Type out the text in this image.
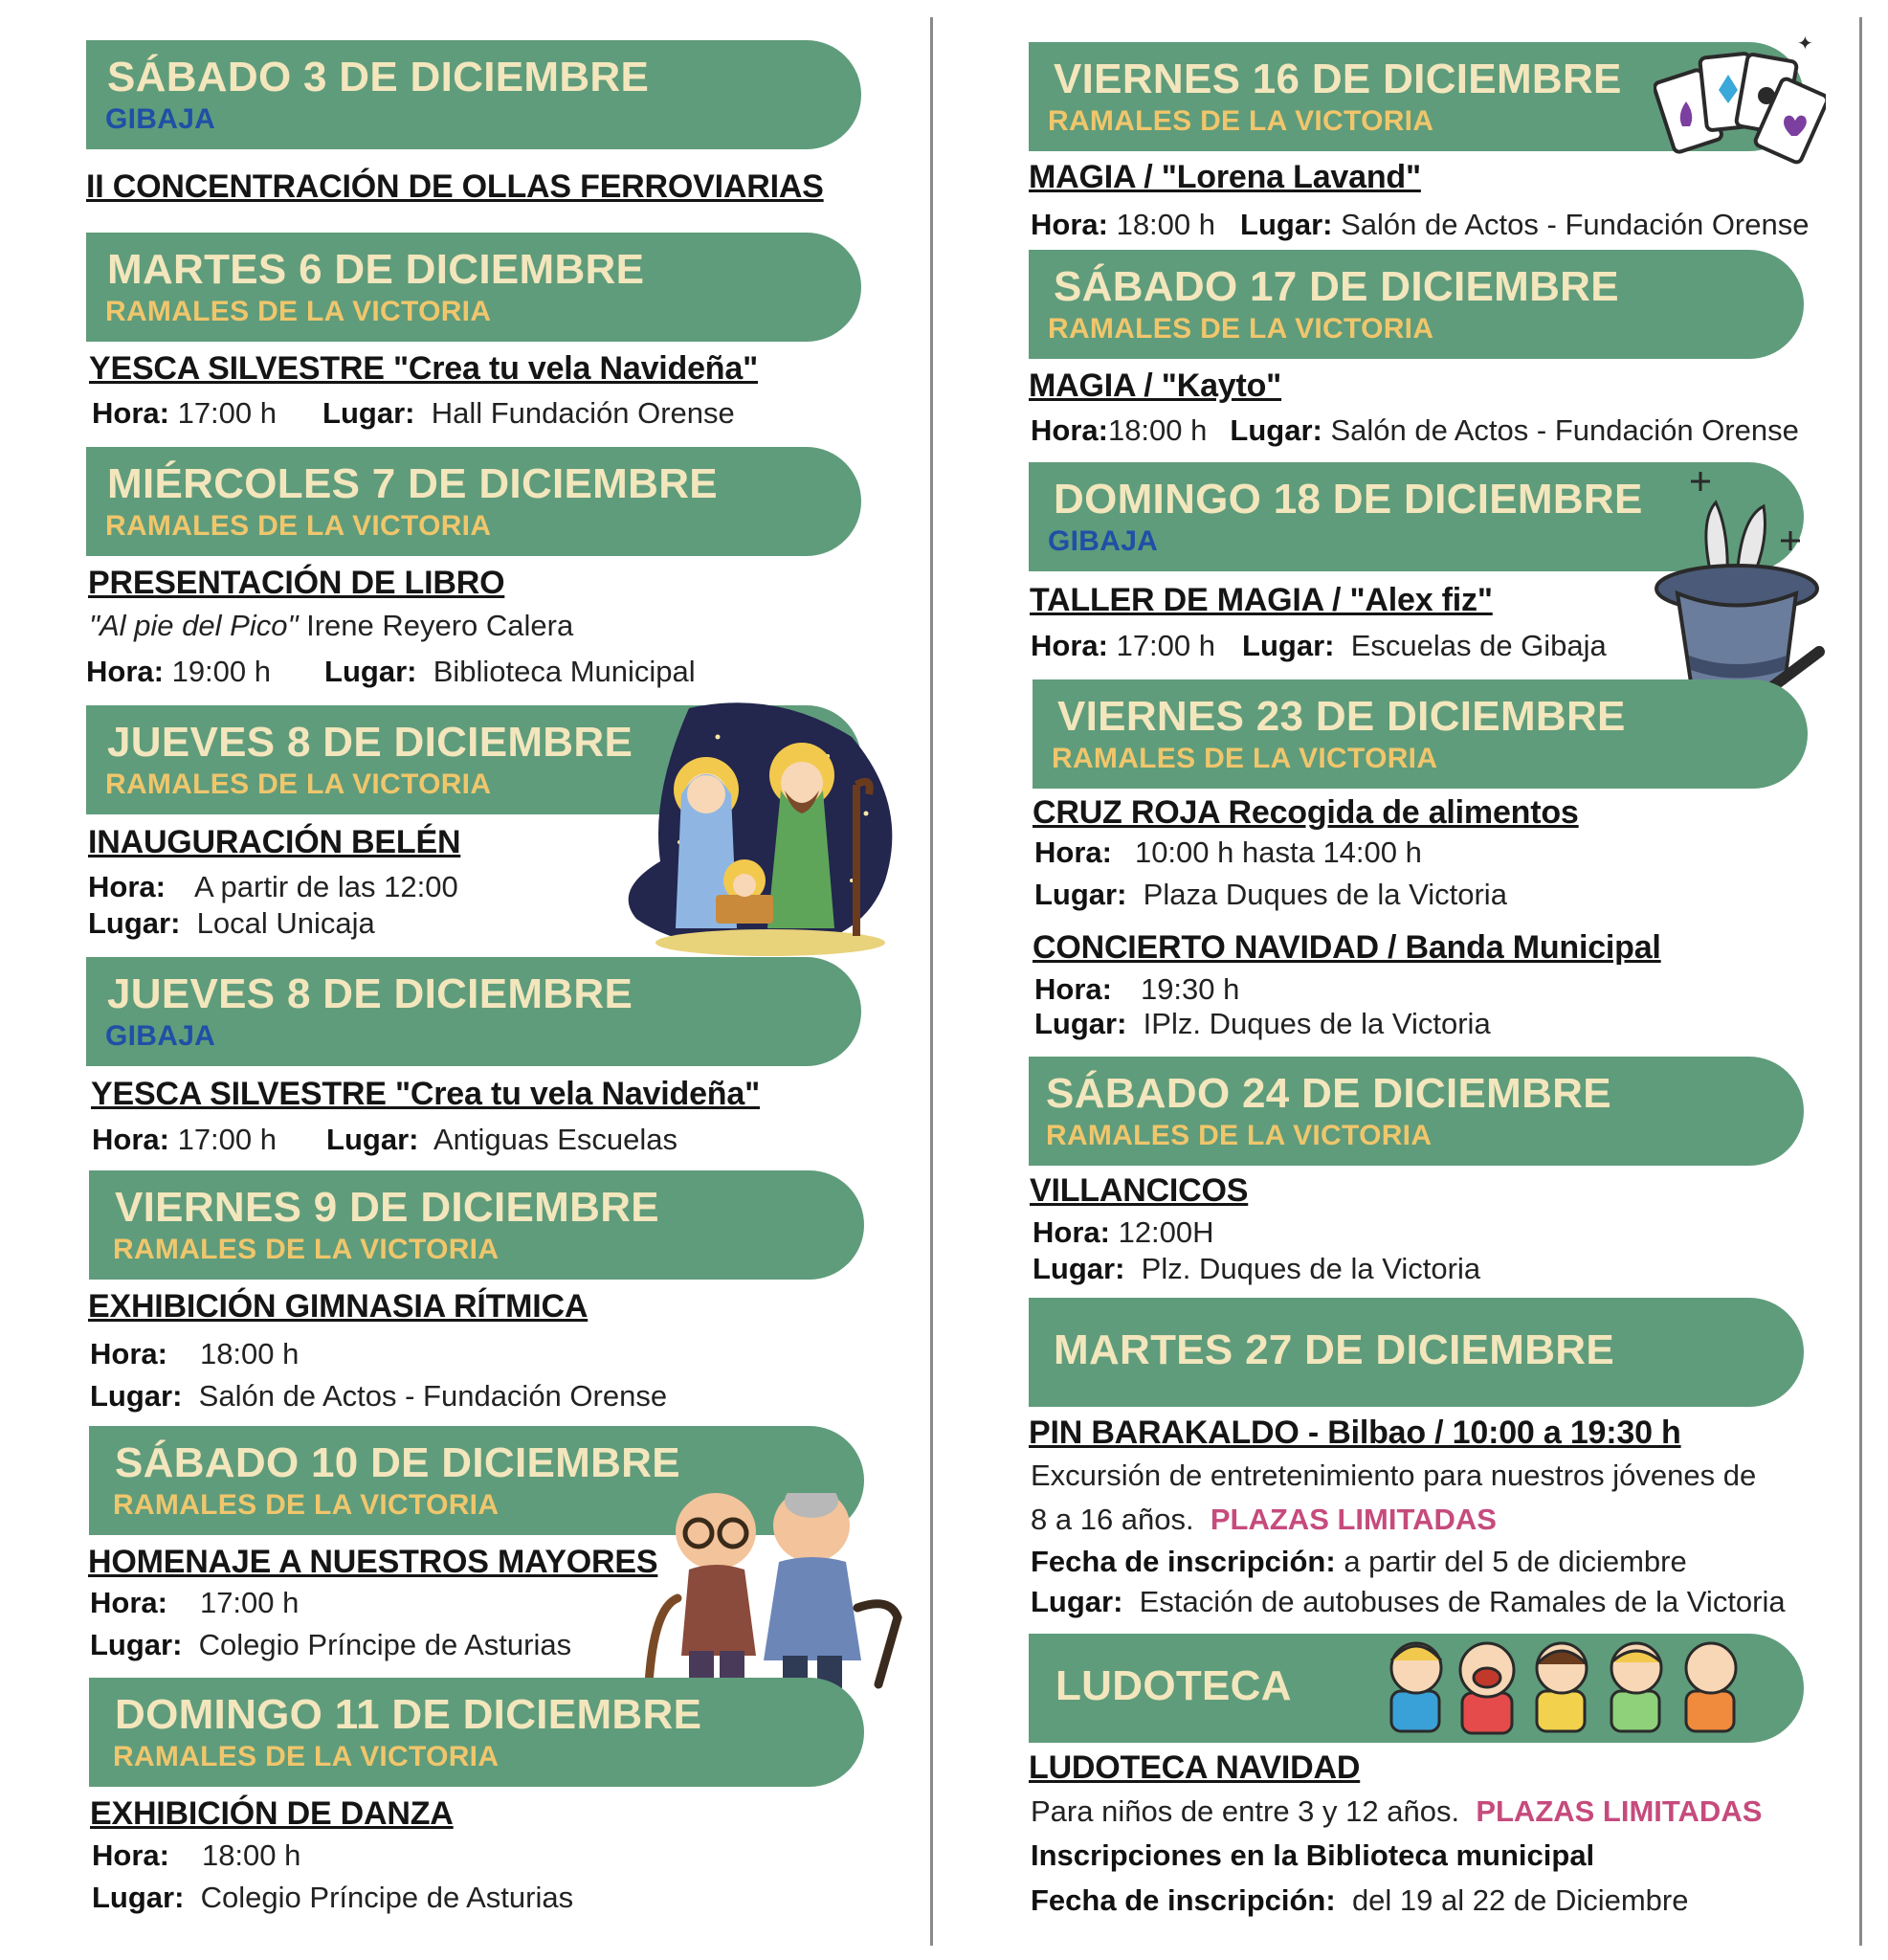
SÁBADO 3 DE DICIEMBRE
GIBAJA
II CONCENTRACIÓN DE OLLAS FERROVIARIAS
MARTES 6 DE DICIEMBRE
RAMALES DE LA VICTORIA
YESCA SILVESTRE "Crea tu vela Navideña"
Hora: 17:00 h Lugar: Hall Fundación Orense
MIÉRCOLES 7 DE DICIEMBRE
RAMALES DE LA VICTORIA
PRESENTACIÓN DE LIBRO
"Al pie del Pico" Irene Reyero Calera
Hora: 19:00 h Lugar: Biblioteca Municipal
JUEVES 8 DE DICIEMBRE
RAMALES DE LA VICTORIA
INAUGURACIÓN BELÉN
Hora: A partir de las 12:00
Lugar: Local Unicaja
JUEVES 8 DE DICIEMBRE
GIBAJA
YESCA SILVESTRE "Crea tu vela Navideña"
Hora: 17:00 h Lugar: Antiguas Escuelas
VIERNES 9 DE DICIEMBRE
RAMALES DE LA VICTORIA
EXHIBICIÓN GIMNASIA RÍTMICA
Hora: 18:00 h
Lugar: Salón de Actos - Fundación Orense
SÁBADO 10 DE DICIEMBRE
RAMALES DE LA VICTORIA
HOMENAJE A NUESTROS MAYORES
Hora: 17:00 h
Lugar: Colegio Príncipe de Asturias
DOMINGO 11 DE DICIEMBRE
RAMALES DE LA VICTORIA
EXHIBICIÓN DE DANZA
Hora: 18:00 h
Lugar: Colegio Príncipe de Asturias
VIERNES 16 DE DICIEMBRE
RAMALES DE LA VICTORIA
✦
MAGIA / "Lorena Lavand"
Hora: 18:00 h Lugar: Salón de Actos - Fundación Orense
SÁBADO 17 DE DICIEMBRE
RAMALES DE LA VICTORIA
MAGIA / "Kayto"
Hora:18:00 h Lugar: Salón de Actos - Fundación Orense
DOMINGO 18 DE DICIEMBRE
GIBAJA
TALLER DE MAGIA / "Alex fiz"
Hora: 17:00 h Lugar: Escuelas de Gibaja
VIERNES 23 DE DICIEMBRE
RAMALES DE LA VICTORIA
CRUZ ROJA Recogida de alimentos
Hora: 10:00 h hasta 14:00 h
Lugar: Plaza Duques de la Victoria
CONCIERTO NAVIDAD / Banda Municipal
Hora: 19:30 h
Lugar: IPlz. Duques de la Victoria
SÁBADO 24 DE DICIEMBRE
RAMALES DE LA VICTORIA
VILLANCICOS
Hora: 12:00H
Lugar: Plz. Duques de la Victoria
MARTES 27 DE DICIEMBRE
PIN BARAKALDO - Bilbao / 10:00 a 19:30 h
Excursión de entretenimiento para nuestros jóvenes de
8 a 16 años. PLAZAS LIMITADAS
Fecha de inscripción: a partir del 5 de diciembre
Lugar: Estación de autobuses de Ramales de la Victoria
LUDOTECA
LUDOTECA NAVIDAD
Para niños de entre 3 y 12 años. PLAZAS LIMITADAS
Inscripciones en la Biblioteca municipal
Fecha de inscripción: del 19 al 22 de Diciembre
